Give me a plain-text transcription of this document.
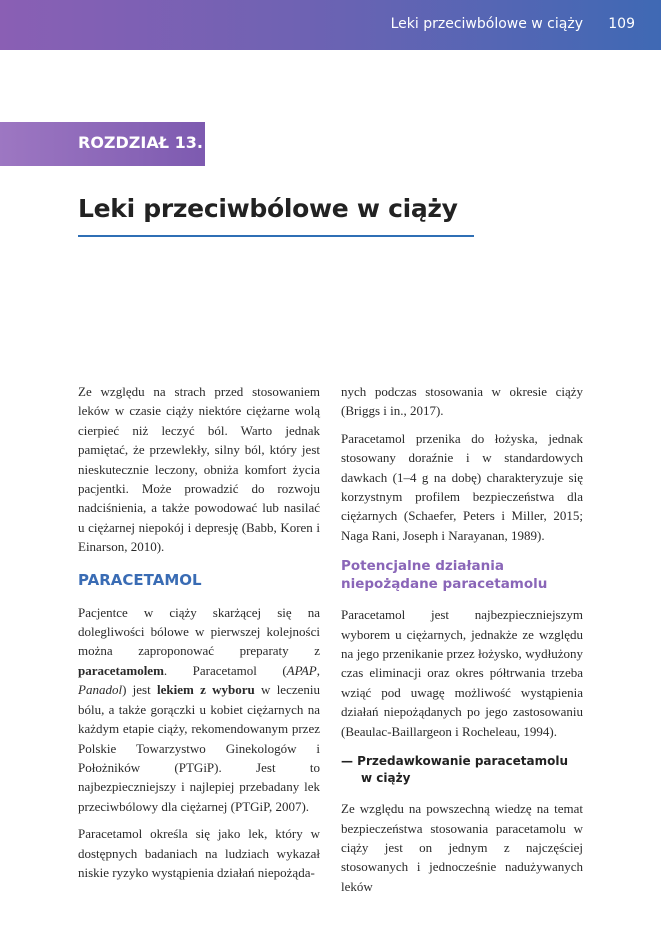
Leki przeciwbólowe w ciąży 109
ROZDZIAŁ 13.
Leki przeciwbólowe w ciąży

Ze względu na strach przed stosowaniem leków w czasie ciąży niektóre ciężarne wolą cierpieć niż leczyć ból. Warto jednak pamiętać, że przewlekły, silny ból, który jest nieskutecznie leczony, obniża komfort życia pacjentki. Może prowadzić do rozwoju nadciśnienia, a także powodować lub nasilać u ciężarnej niepokój i depresję (Babb, Koren i Einarson, 2010).

PARACETAMOL

Pacjentce w ciąży skarżącej się na dolegliwości bólowe w pierwszej kolejności można zaproponować preparaty z paracetamolem. Paracetamol (APAP, Panadol) jest lekiem z wyboru w leczeniu bólu, a także gorączki u kobiet ciężarnych na każdym etapie ciąży, rekomendowanym przez Polskie Towarzystwo Ginekologów i Położników (PTGiP). Jest to najbezpieczniejszy i najlepiej przebadany lek przeciwbólowy dla ciężarnej (PTGiP, 2007).

Paracetamol określa się jako lek, który w dostępnych badaniach na ludziach wykazał niskie ryzyko wystąpienia działań niepożąda-

nych podczas stosowania w okresie ciąży (Briggs i in., 2017).

Paracetamol przenika do łożyska, jednak stosowany doraźnie i w standardowych dawkach (1–4 g na dobę) charakteryzuje się korzystnym profilem bezpieczeństwa dla ciężarnych (Schaefer, Peters i Miller, 2015; Naga Rani, Joseph i Narayanan, 1989).

Potencjalne działania
niepożądane paracetamolu

Paracetamol jest najbezpieczniejszym wyborem u ciężarnych, jednakże ze względu na jego przenikanie przez łożysko, wydłużony czas eliminacji oraz okres półtrwania trzeba wziąć pod uwagę możliwość wystąpienia działań niepożądanych po jego zastosowaniu (Beaulac-Baillargeon i Rocheleau, 1994).

— Przedawkowanie paracetamolu
w ciąży

Ze względu na powszechną wiedzę na temat bezpieczeństwa stosowania paracetamolu w ciąży jest on jednym z najczęściej stosowanych i jednocześnie nadużywanych leków
